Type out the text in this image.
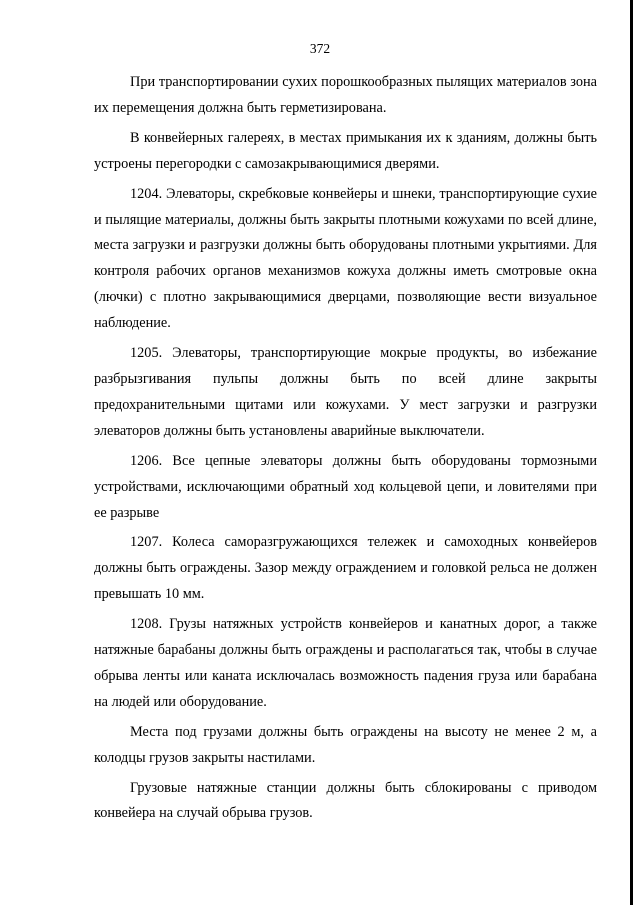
372

При транспортировании сухих порошкообразных пылящих материалов зона их перемещения должна быть герметизирована.

В конвейерных галереях, в местах примыкания их к зданиям, должны быть устроены перегородки с самозакрывающимися дверями.

1204. Элеваторы, скребковые конвейеры и шнеки, транспортирующие сухие и пылящие материалы, должны быть закрыты плотными кожухами по всей длине, места загрузки и разгрузки должны быть оборудованы плотными укрытиями. Для контроля рабочих органов механизмов кожуха должны иметь смотровые окна (лючки) с плотно закрывающимися дверцами, позволяющие вести визуальное наблюдение.

1205. Элеваторы, транспортирующие мокрые продукты, во избежание разбрызгивания пульпы должны быть по всей длине закрыты предохранительными щитами или кожухами. У мест загрузки и разгрузки элеваторов должны быть установлены аварийные выключатели.

1206. Все цепные элеваторы должны быть оборудованы тормозными устройствами, исключающими обратный ход кольцевой цепи, и ловителями при ее разрыве

1207. Колеса саморазгружающихся тележек и самоходных конвейеров должны быть ограждены. Зазор между ограждением и головкой рельса не должен превышать 10 мм.

1208. Грузы натяжных устройств конвейеров и канатных дорог, а также натяжные барабаны должны быть ограждены и располагаться так, чтобы в случае обрыва ленты или каната исключалась возможность падения груза или барабана на людей или оборудование.

Места под грузами должны быть ограждены на высоту не менее 2 м, а колодцы грузов закрыты настилами.

Грузовые натяжные станции должны быть сблокированы с приводом конвейера на случай обрыва грузов.
